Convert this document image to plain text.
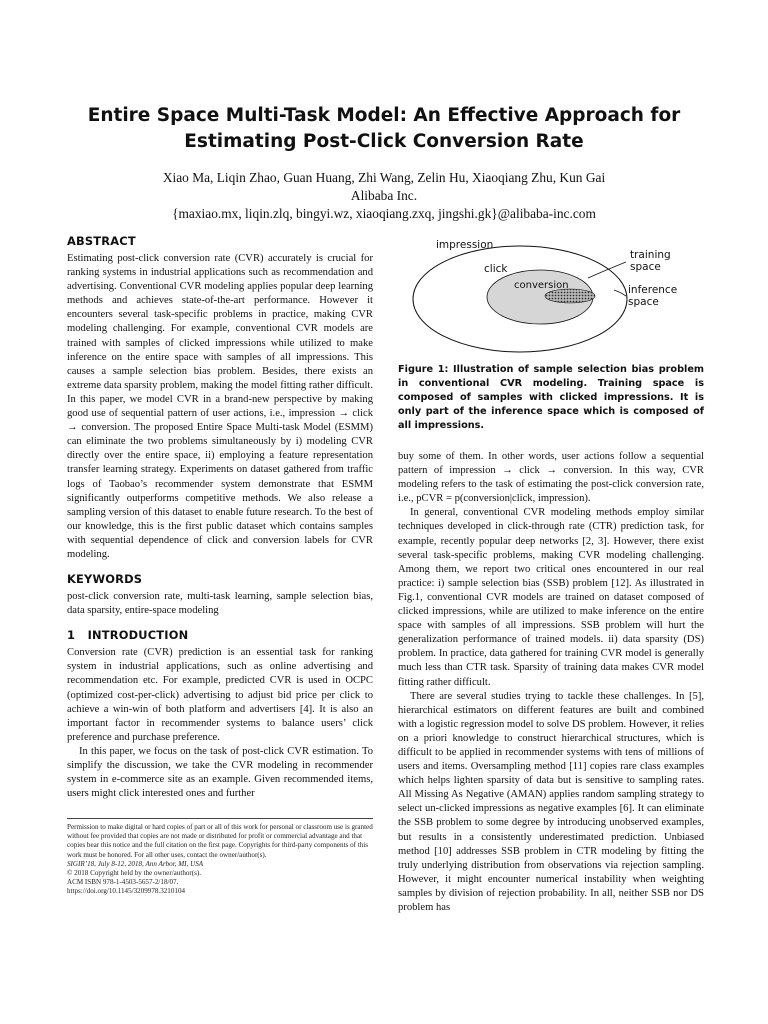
Entire Space Multi-Task Model: An Effective Approach for
Estimating Post-Click Conversion Rate

Xiao Ma, Liqin Zhao, Guan Huang, Zhi Wang, Zelin Hu, Xiaoqiang Zhu, Kun Gai

Alibaba Inc.

{maxiao.mx, liqin.zlq, bingyi.wz, xiaoqiang.zxq, jingshi.gk}@alibaba-inc.com

ABSTRACT

Estimating post-click conversion rate (CVR) accurately is crucial for ranking systems in industrial applications such as recommendation and advertising. Conventional CVR modeling applies popular deep learning methods and achieves state-of-the-art performance. However it encounters several task-specific problems in practice, making CVR modeling challenging. For example, conventional CVR models are trained with samples of clicked impressions while utilized to make inference on the entire space with samples of all impressions. This causes a sample selection bias problem. Besides, there exists an extreme data sparsity problem, making the model fitting rather difficult. In this paper, we model CVR in a brand-new perspective by making good use of sequential pattern of user actions, i.e., impression → click → conversion. The proposed Entire Space Multi-task Model (ESMM) can eliminate the two problems simultaneously by i) modeling CVR directly over the entire space, ii) employing a feature representation transfer learning strategy. Experiments on dataset gathered from traffic logs of Taobao’s recommender system demonstrate that ESMM significantly outperforms competitive methods. We also release a sampling version of this dataset to enable future research. To the best of our knowledge, this is the first public dataset which contains samples with sequential dependence of click and conversion labels for CVR modeling.

KEYWORDS

post-click conversion rate, multi-task learning, sample selection bias, data sparsity, entire-space modeling

1   INTRODUCTION

Conversion rate (CVR) prediction is an essential task for ranking system in industrial applications, such as online advertising and recommendation etc. For example, predicted CVR is used in OCPC (optimized cost-per-click) advertising to adjust bid price per click to achieve a win-win of both platform and advertisers [4]. It is also an important factor in recommender systems to balance users’ click preference and purchase preference.

In this paper, we focus on the task of post-click CVR estimation. To simplify the discussion, we take the CVR modeling in recommender system in e-commerce site as an example. Given recommended items, users might click interested ones and further

Permission to make digital or hard copies of part or all of this work for personal or classroom use is granted without fee provided that copies are not made or distributed for profit or commercial advantage and that copies bear this notice and the full citation on the first page. Copyrights for third-party components of this work must be honored. For all other uses, contact the owner/author(s).
SIGIR’18, July 8-12, 2018, Ann Arbor, MI, USA
© 2018 Copyright held by the owner/author(s).
ACM ISBN 978-1-4503-5657-2/18/07.
https://doi.org/10.1145/3209978.3210104
impression
click
conversion
training
space
inference
space

Figure 1: Illustration of sample selection bias problem in conventional CVR modeling. Training space is composed of samples with clicked impressions. It is only part of the inference space which is composed of all impressions.

buy some of them. In other words, user actions follow a sequential pattern of impression → click → conversion. In this way, CVR modeling refers to the task of estimating the post-click conversion rate, i.e., pCVR = p(conversion|click, impression).

In general, conventional CVR modeling methods employ similar techniques developed in click-through rate (CTR) prediction task, for example, recently popular deep networks [2, 3]. However, there exist several task-specific problems, making CVR modeling challenging. Among them, we report two critical ones encountered in our real practice: i) sample selection bias (SSB) problem [12]. As illustrated in Fig.1, conventional CVR models are trained on dataset composed of clicked impressions, while are utilized to make inference on the entire space with samples of all impressions. SSB problem will hurt the generalization performance of trained models. ii) data sparsity (DS) problem. In practice, data gathered for training CVR model is generally much less than CTR task. Sparsity of training data makes CVR model fitting rather difficult.

There are several studies trying to tackle these challenges. In [5], hierarchical estimators on different features are built and combined with a logistic regression model to solve DS problem. However, it relies on a priori knowledge to construct hierarchical structures, which is difficult to be applied in recommender systems with tens of millions of users and items. Oversampling method [11] copies rare class examples which helps lighten sparsity of data but is sensitive to sampling rates. All Missing As Negative (AMAN) applies random sampling strategy to select un-clicked impressions as negative examples [6]. It can eliminate the SSB problem to some degree by introducing unobserved examples, but results in a consistently underestimated prediction. Unbiased method [10] addresses SSB problem in CTR modeling by fitting the truly underlying distribution from observations via rejection sampling. However, it might encounter numerical instability when weighting samples by division of rejection probability. In all, neither SSB nor DS problem has
